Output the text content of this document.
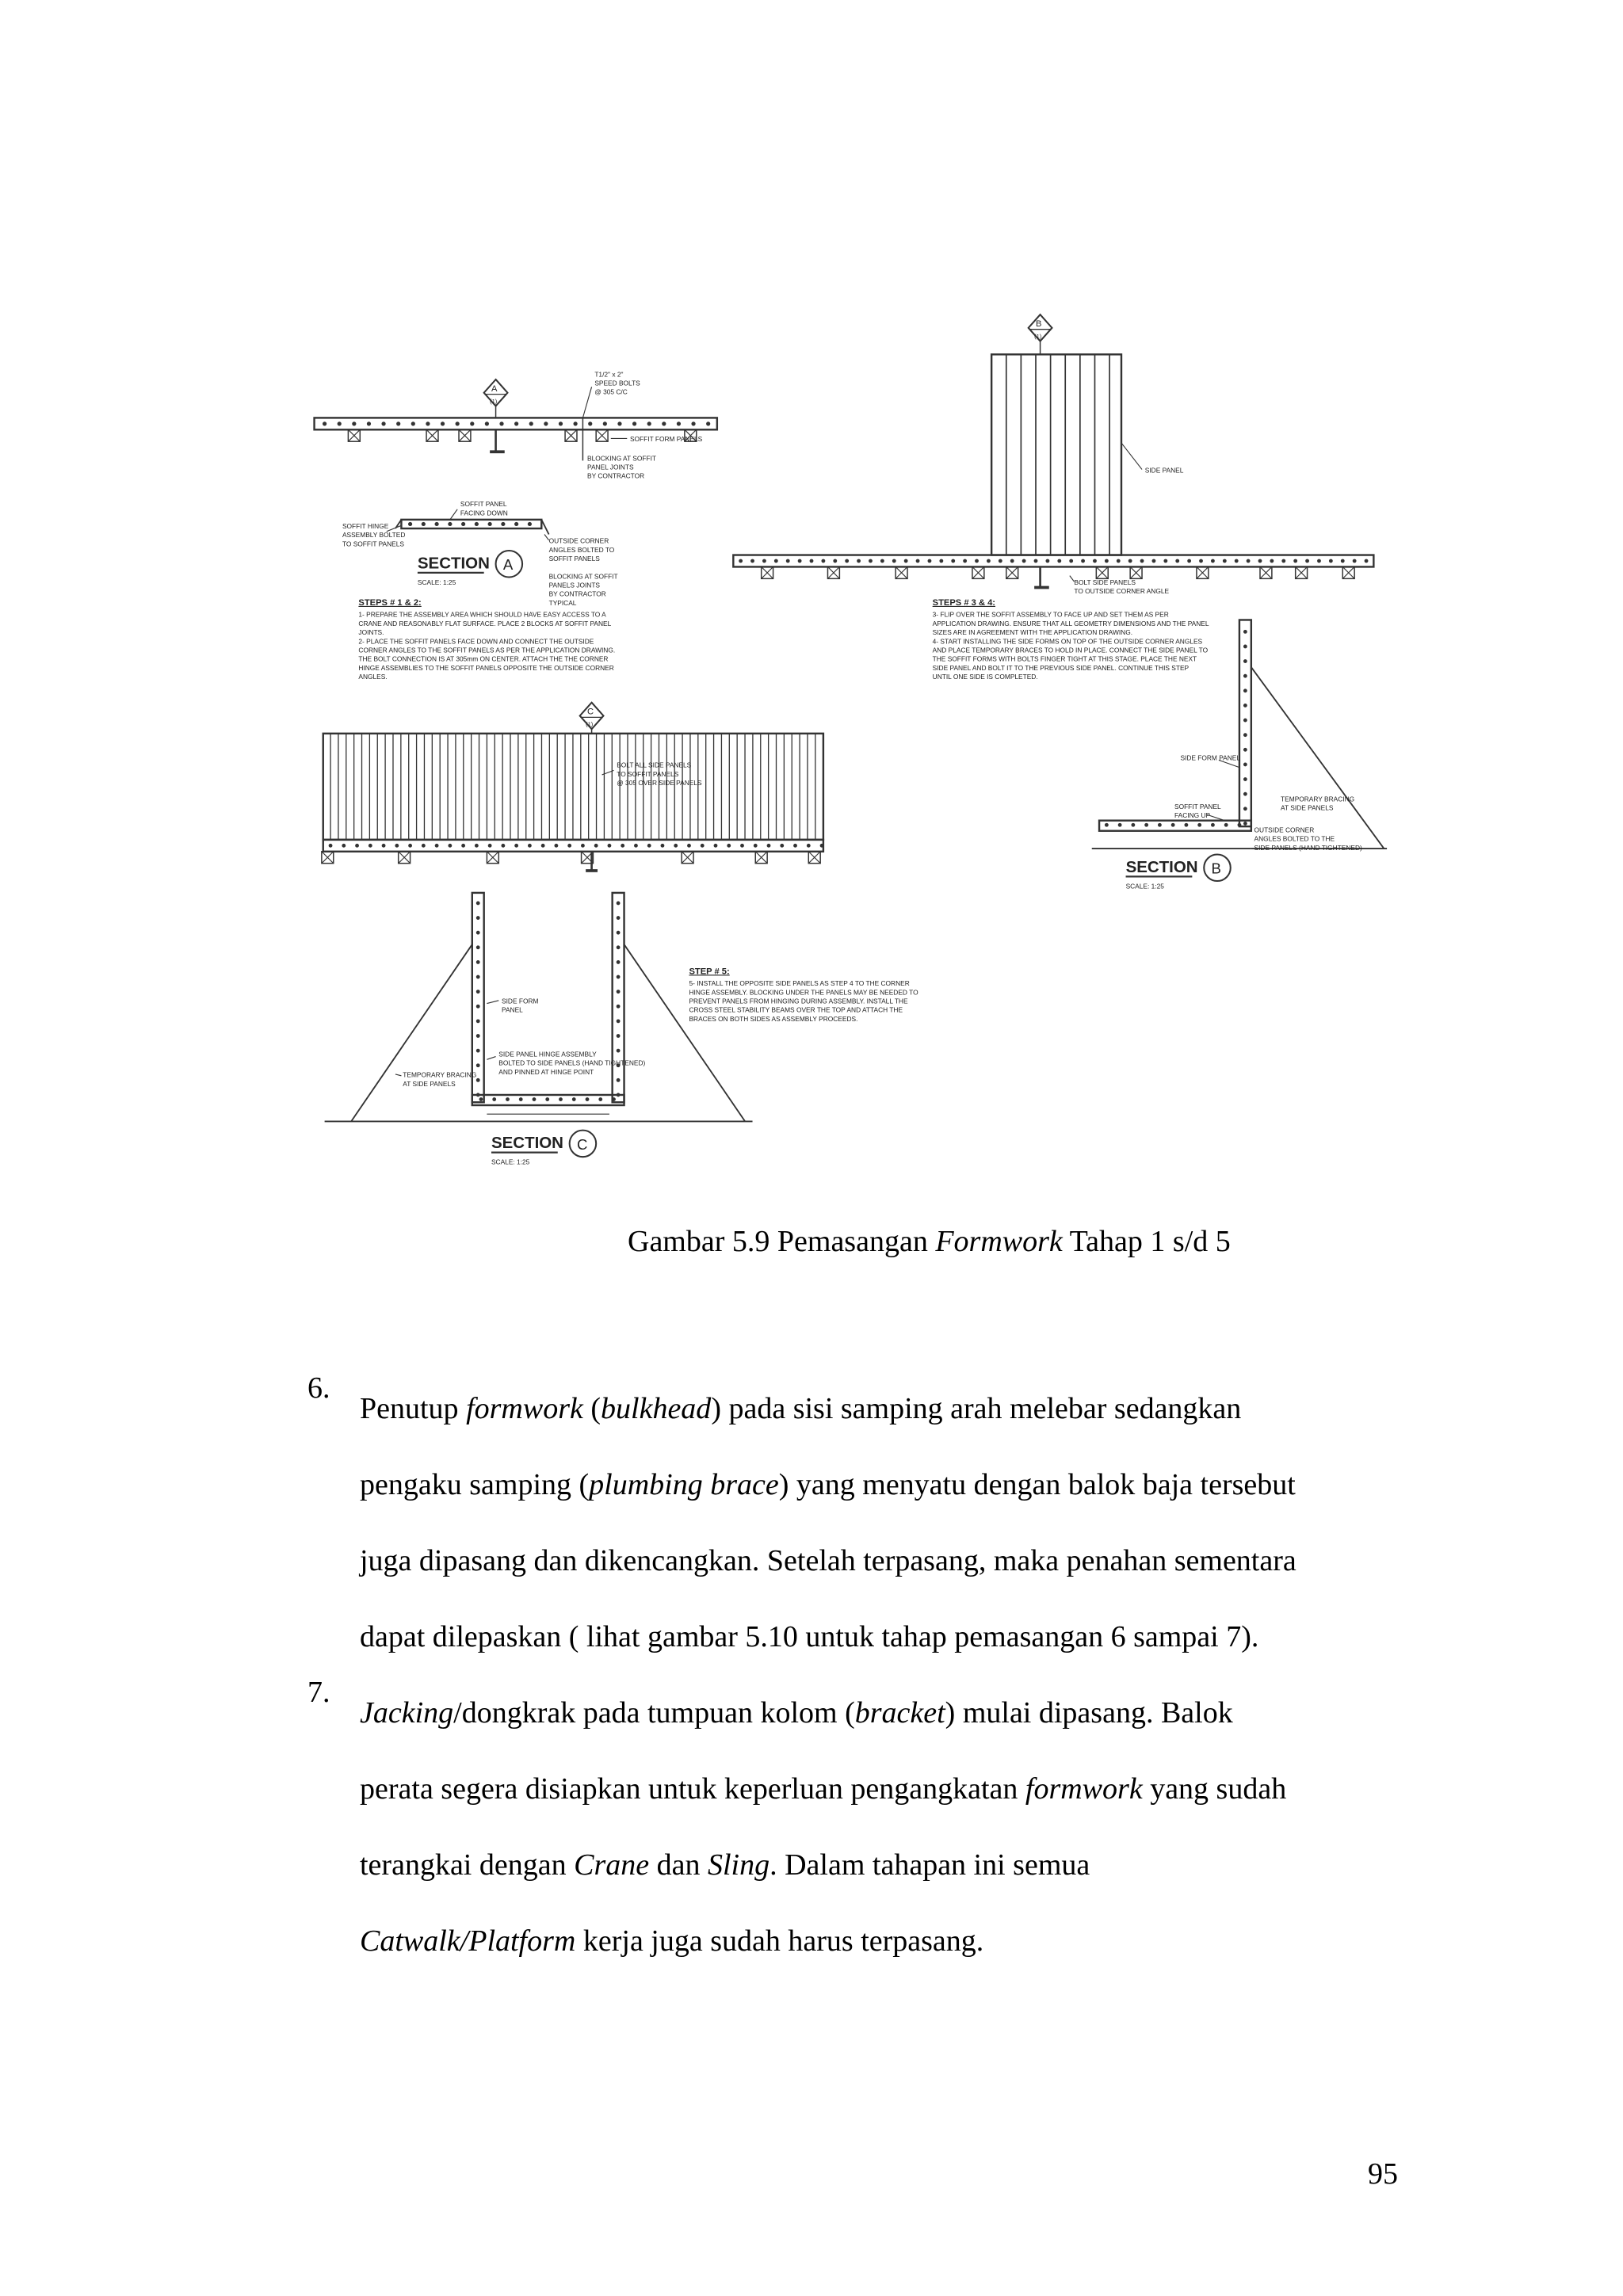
A
(1)
T1/2" x 2"
SPEED BOLTS
@ 305 C/C
SOFFIT FORM PANELS
BLOCKING AT SOFFIT
PANEL JOINTS
BY CONTRACTOR
SOFFIT PANEL
FACING DOWN
SOFFIT HINGE
ASSEMBLY BOLTED
TO SOFFIT PANELS	OUTSIDE CORNER
ANGLES BOLTED TO
SOFFIT PANELS
BLOCKING AT SOFFIT
PANELS JOINTS
BY CONTRACTOR
TYPICAL
SECTION
SCALE: 1:25
A
STEPS # 1 & 2:
1- PREPARE THE ASSEMBLY AREA WHICH SHOULD HAVE EASY ACCESS TO A
CRANE AND REASONABLY FLAT SURFACE. PLACE 2 BLOCKS AT SOFFIT PANEL
JOINTS.
2- PLACE THE SOFFIT PANELS FACE DOWN AND CONNECT THE OUTSIDE
CORNER ANGLES TO THE SOFFIT PANELS AS PER THE APPLICATION DRAWING.
THE BOLT CONNECTION IS AT 305mm ON CENTER. ATTACH THE THE CORNER
HINGE ASSEMBLIES TO THE SOFFIT PANELS OPPOSITE THE OUTSIDE CORNER
ANGLES.
B
(1)
SIDE PANEL
BOLT SIDE PANELS
TO OUTSIDE CORNER ANGLE
STEPS # 3 & 4:
3- FLIP OVER THE SOFFIT ASSEMBLY TO FACE UP AND SET THEM AS PER
APPLICATION DRAWING. ENSURE THAT ALL GEOMETRY DIMENSIONS AND THE PANEL
SIZES ARE IN AGREEMENT WITH THE APPLICATION DRAWING.
4- START INSTALLING THE SIDE FORMS ON TOP OF THE OUTSIDE CORNER ANGLES
AND PLACE TEMPORARY BRACES TO HOLD IN PLACE. CONNECT THE SIDE PANEL TO
THE SOFFIT FORMS WITH BOLTS FINGER TIGHT AT THIS STAGE. PLACE THE NEXT
SIDE PANEL AND BOLT IT TO THE PREVIOUS SIDE PANEL. CONTINUE THIS STEP
UNTIL ONE SIDE IS COMPLETED.
C
(1)
BOLT ALL SIDE PANELS
TO SOFFIT PANELS
@ 305 OVER SIDE PANELS
SIDE FORM PANEL
TEMPORARY BRACING
AT SIDE PANELS
SOFFIT PANEL
FACING UP
OUTSIDE CORNER
ANGLES BOLTED TO THE
SIDE PANELS (HAND TIGHTENED)
SECTION
SCALE: 1:25
B
SIDE FORM
PANEL
SIDE PANEL HINGE ASSEMBLY
BOLTED TO SIDE PANELS (HAND TIGHTENED)
AND PINNED AT HINGE POINT
TEMPORARY BRACING
AT SIDE PANELS
SECTION
SCALE: 1:25
C
STEP # 5:
5- INSTALL THE OPPOSITE SIDE PANELS AS STEP 4 TO THE CORNER
HINGE ASSEMBLY. BLOCKING UNDER THE PANELS MAY BE NEEDED TO
PREVENT PANELS FROM HINGING DURING ASSEMBLY. INSTALL THE
CROSS STEEL STABILITY BEAMS OVER THE TOP AND ATTACH THE
BRACES ON BOTH SIDES AS ASSEMBLY PROCEEDS.
Gambar 5.9 Pemasangan Formwork Tahap 1 s/d 5
6.

Penutup formwork (bulkhead) pada sisi samping arah melebar sedangkan

pengaku samping (plumbing brace) yang menyatu dengan balok baja tersebut

juga dipasang dan dikencangkan. Setelah terpasang, maka penahan sementara

dapat dilepaskan ( lihat gambar 5.10 untuk tahap pemasangan 6 sampai 7).

7.

Jacking/dongkrak pada tumpuan kolom (bracket) mulai dipasang. Balok

perata segera disiapkan untuk keperluan pengangkatan formwork yang sudah

terangkai dengan Crane dan Sling. Dalam tahapan ini semua

Catwalk/Platform kerja juga sudah harus terpasang.

95
